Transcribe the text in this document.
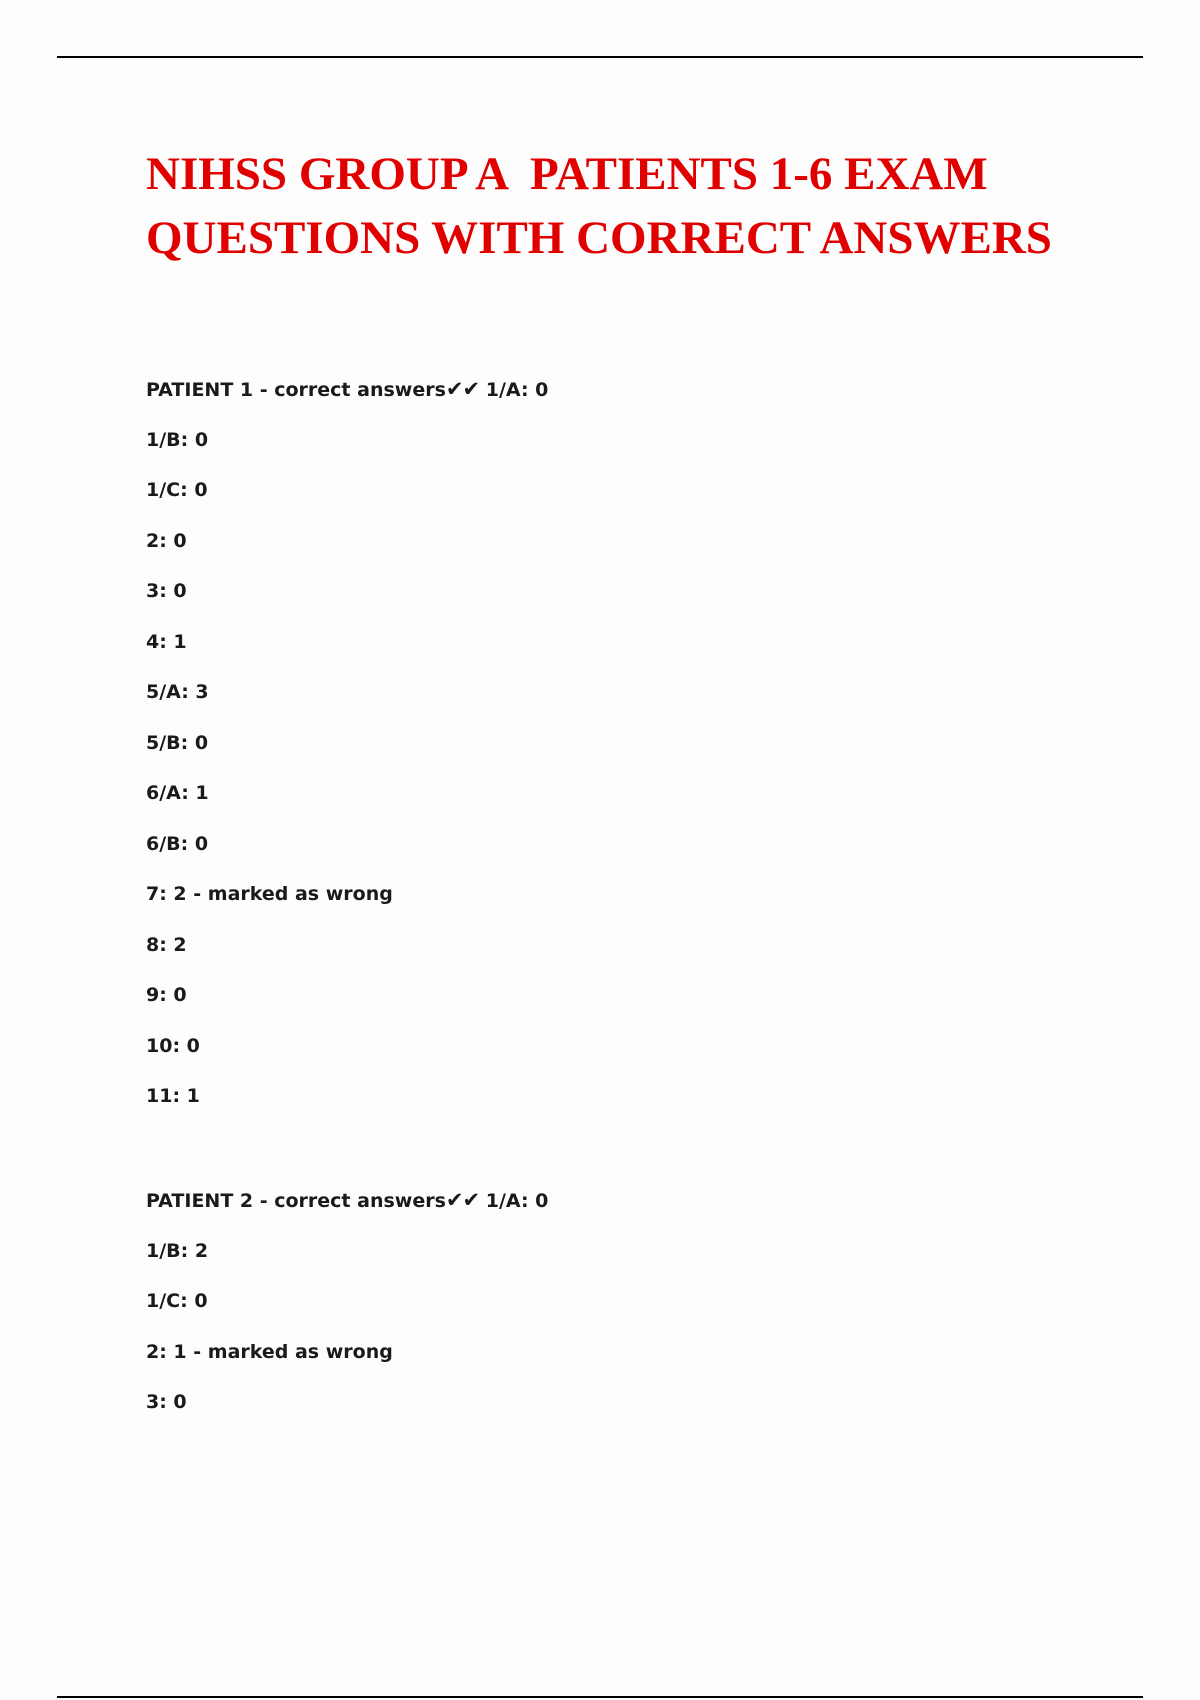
NIHSS GROUP A  PATIENTS 1-6 EXAM
QUESTIONS WITH CORRECT ANSWERS
PATIENT 1 - correct answers✔✔ 1/A: 0
1/B: 0
1/C: 0
2: 0
3: 0
4: 1
5/A: 3
5/B: 0
6/A: 1
6/B: 0
7: 2 - marked as wrong
8: 2
9: 0
10: 0
11: 1
PATIENT 2 - correct answers✔✔ 1/A: 0
1/B: 2
1/C: 0
2: 1 - marked as wrong
3: 0
